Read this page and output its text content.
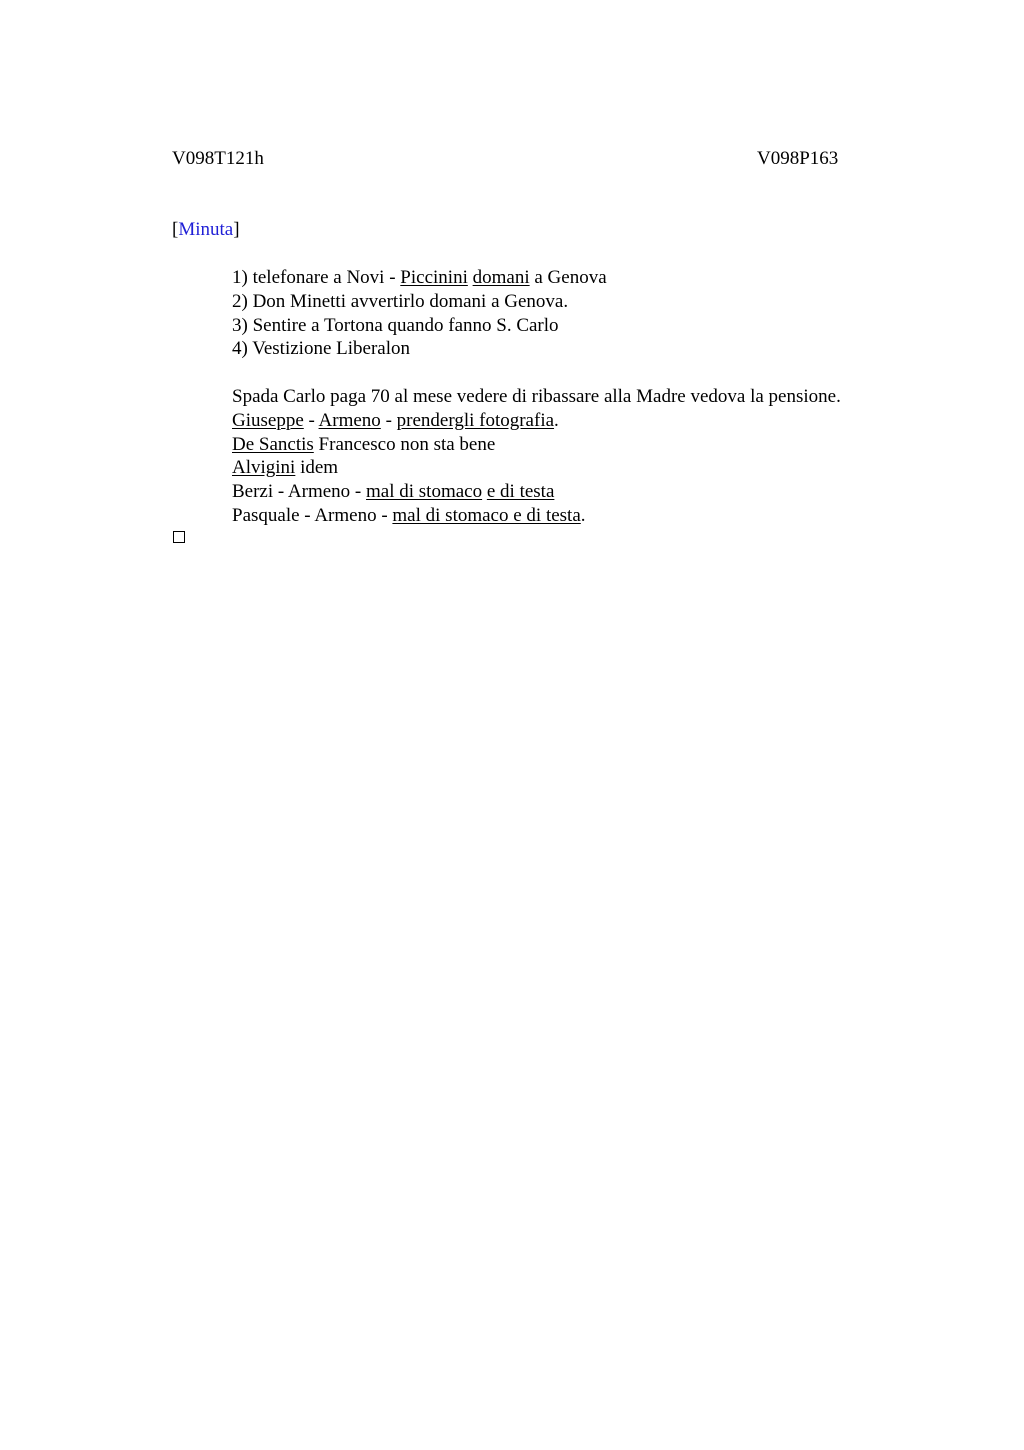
V098T121h	V098P163
[Minuta]
1) telefonare a Novi - Piccinini domani a Genova
2) Don Minetti avvertirlo domani a Genova.
3) Sentire a Tortona quando fanno S. Carlo
4) Vestizione Liberalon
Spada Carlo paga 70 al mese vedere di ribassare alla Madre vedova la pensione.
Giuseppe - Armeno - prendergli fotografia.
De Sanctis Francesco non sta bene
Alvigini idem
Berzi - Armeno - mal di stomaco e di testa
Pasquale - Armeno - mal di stomaco e di testa.
